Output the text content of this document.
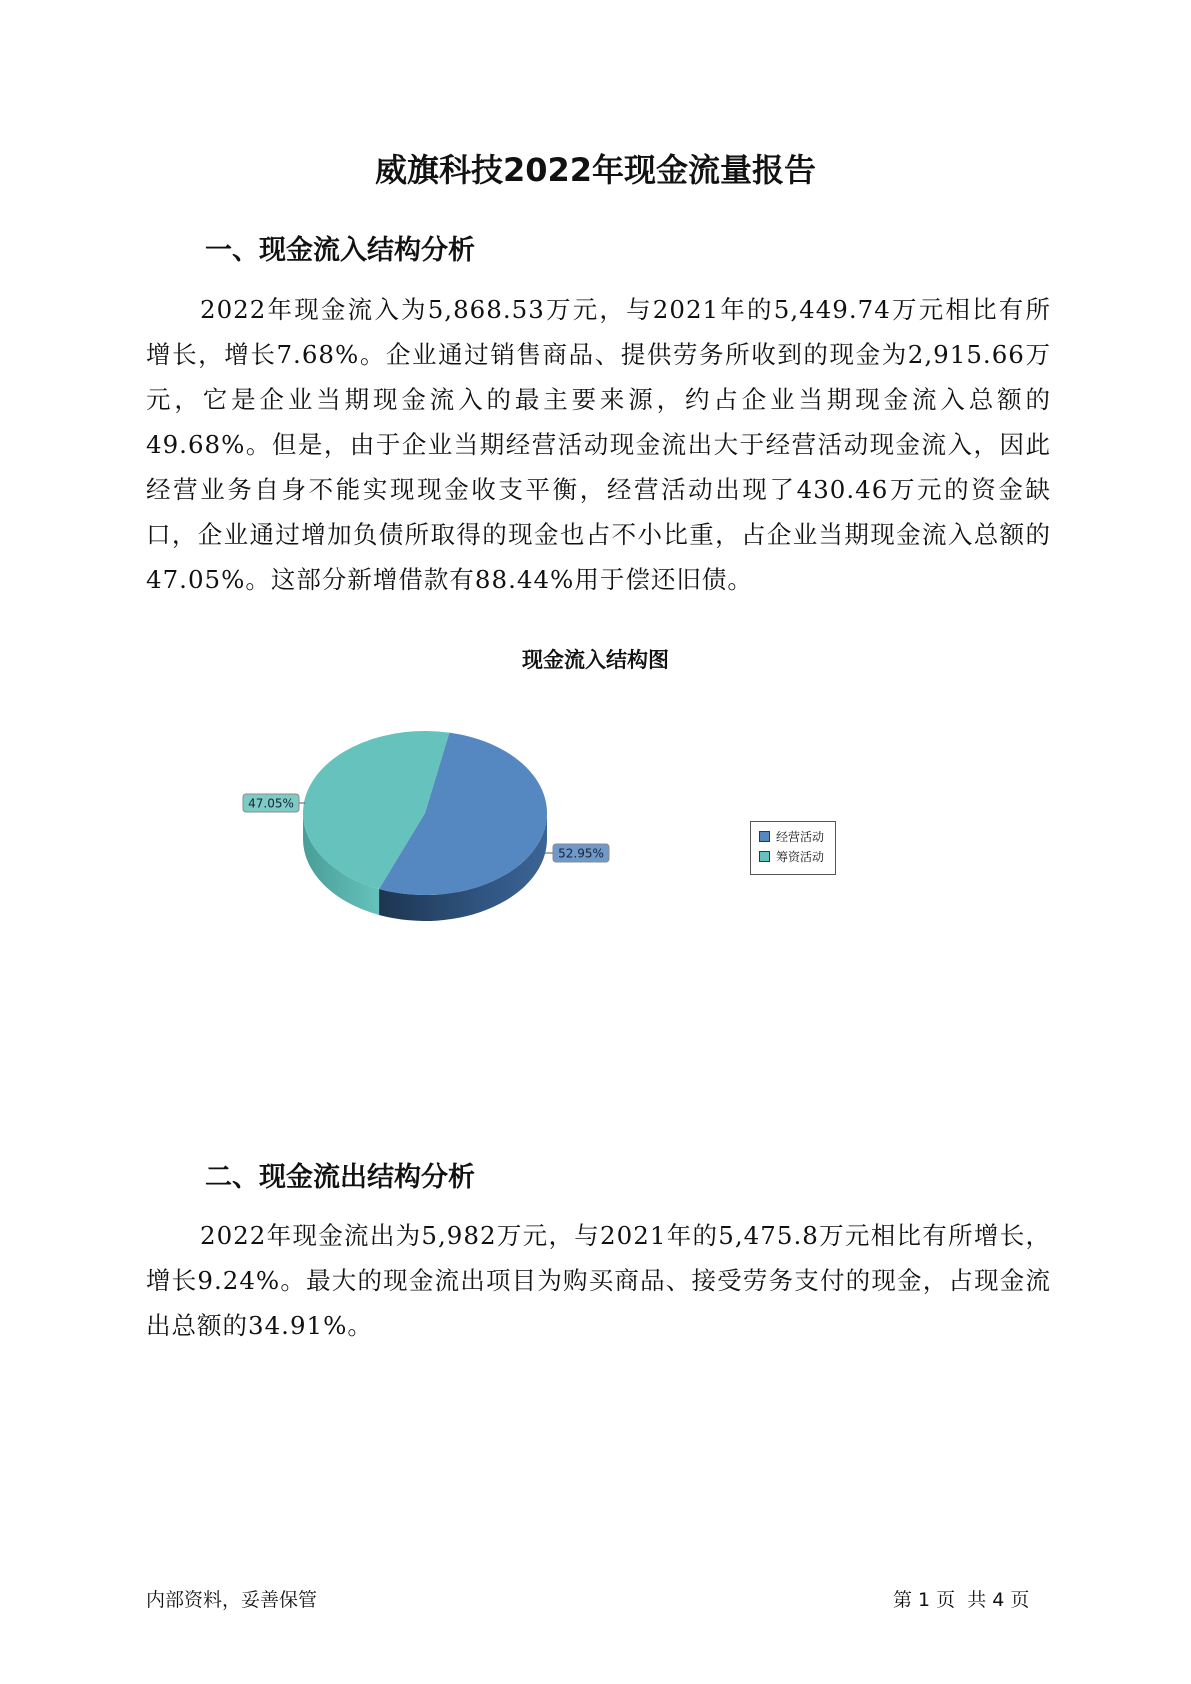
威旗科技2022年现金流量报告
一、现金流入结构分析
2022年现金流入为5,868.53万元，与2021年的5,449.74万元相比有所增长，增长7.68%。企业通过销售商品、提供劳务所收到的现金为2,915.66万元，它是企业当期现金流入的最主要来源，约占企业当期现金流入总额的49.68%。但是，由于企业当期经营活动现金流出大于经营活动现金流入，因此经营业务自身不能实现现金收支平衡，经营活动出现了430.46万元的资金缺口，企业通过增加负债所取得的现金也占不小比重，占企业当期现金流入总额的47.05%。这部分新增借款有88.44%用于偿还旧债。
现金流入结构图
52.95%
47.05%
经营活动
筹资活动
二、现金流出结构分析
2022年现金流出为5,982万元，与2021年的5,475.8万元相比有所增长，增长9.24%。最大的现金流出项目为购买商品、接受劳务支付的现金，占现金流出总额的34.91%。
内部资料，妥善保管	第 1 页  共 4 页
